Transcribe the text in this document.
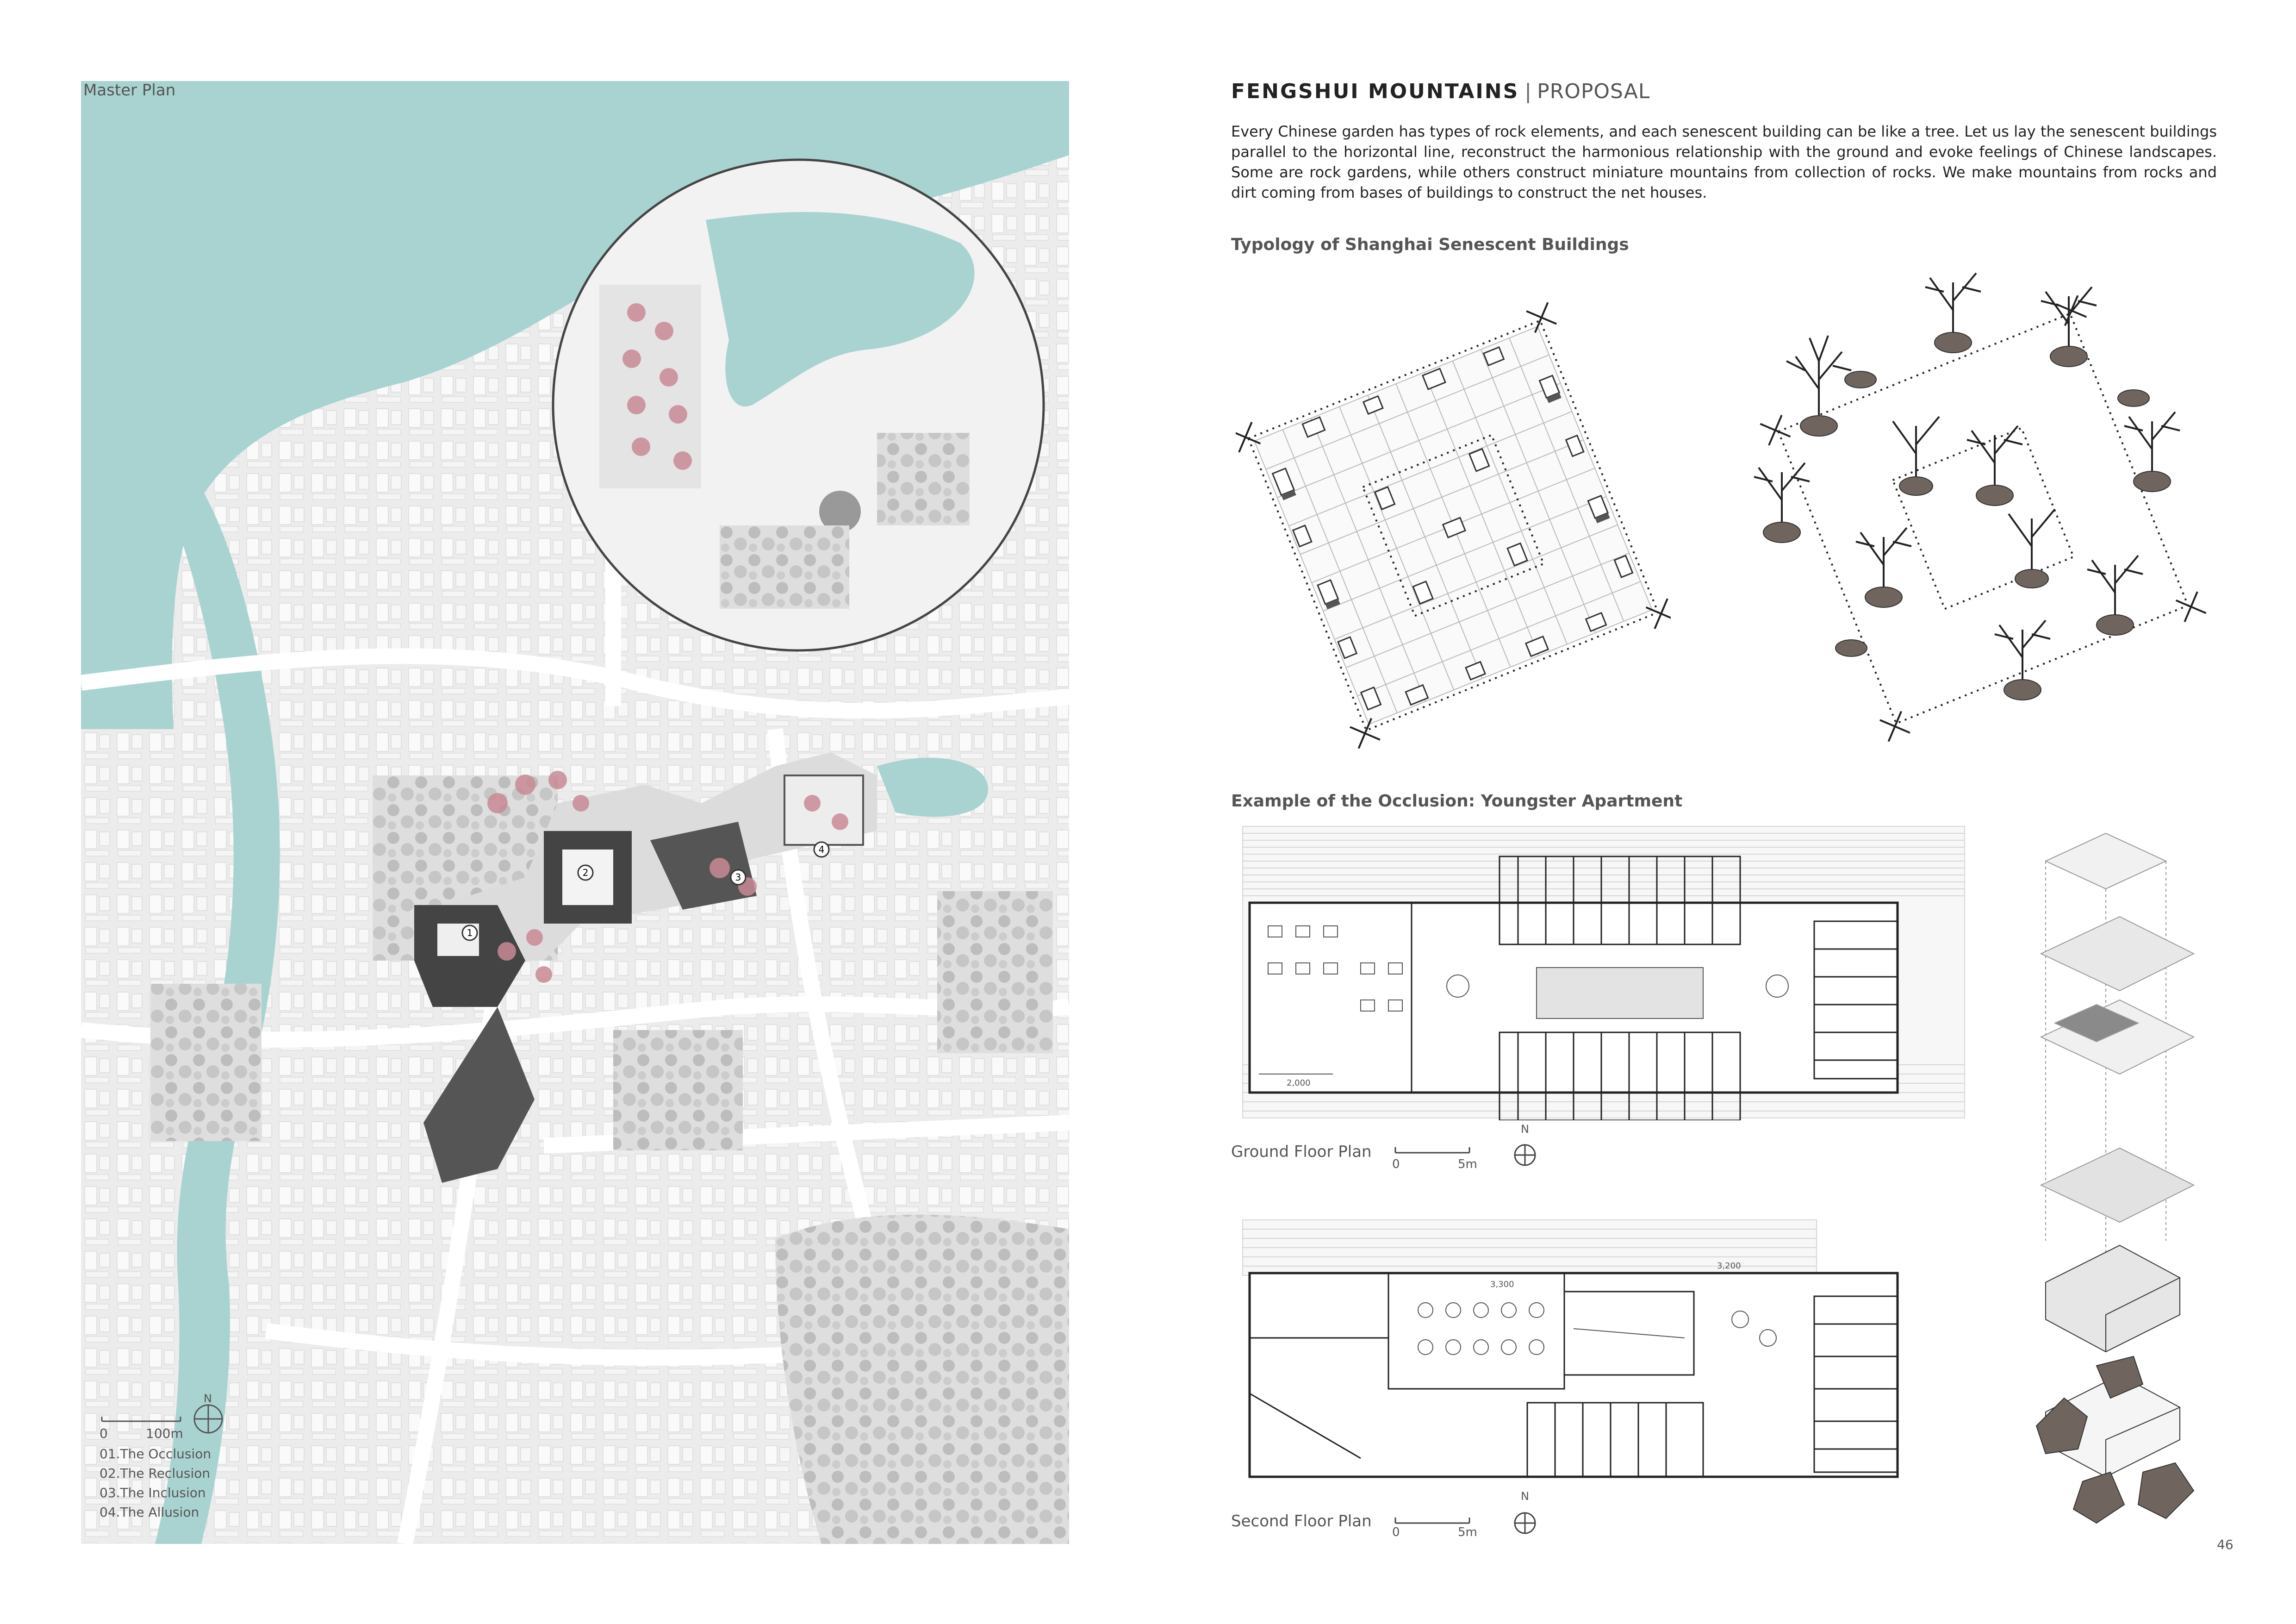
1
2	3
4
Master Plan
0	100m
N
01.The Occlusion
02.The Reclusion
03.The Inclusion
04.The Allusion
FENGSHUI MOUNTAINS | PROPOSAL
Every Chinese garden has types of rock elements, and each senescent building can be like a tree. Let us lay the senescent buildings parallel to the horizontal line, reconstruct the harmonious relationship with the ground and evoke feelings of Chinese landscapes. Some are rock gardens, while others construct miniature mountains from collection of rocks. We make mountains from rocks and dirt coming from bases of buildings to construct the net houses.
Typology of Shanghai Senescent Buildings
Example of the Occlusion: Youngster Apartment
2,000
Ground Floor Plan
0	5m
N
3,300
3,200
Second Floor Plan
0	5m
N
46
